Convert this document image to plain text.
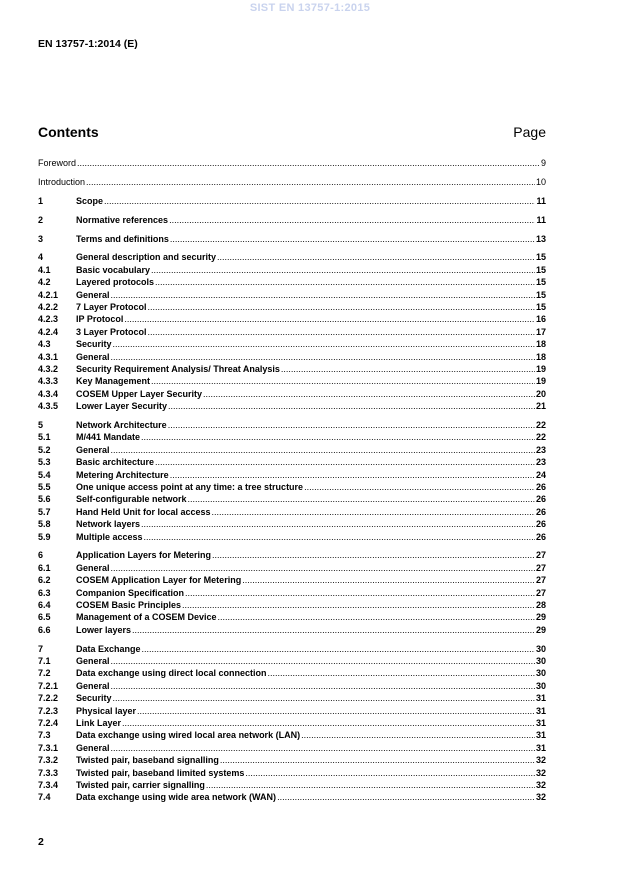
SIST EN 13757-1:2015
EN 13757-1:2014 (E)
Contents	Page
Foreword .....	9
Introduction .....	10
1	Scope .....	11
2	Normative references .....	11
3	Terms and definitions .....	13
4	General description and security .....	15
4.1	Basic vocabulary .....	15
4.2	Layered protocols .....	15
4.2.1	General .....	15
4.2.2	7 Layer Protocol .....	15
4.2.3	IP Protocol .....	16
4.2.4	3 Layer Protocol .....	17
4.3	Security .....	18
4.3.1	General .....	18
4.3.2	Security Requirement Analysis/ Threat Analysis .....	19
4.3.3	Key Management .....	19
4.3.4	COSEM Upper Layer Security .....	20
4.3.5	Lower Layer Security .....	21
5	Network Architecture .....	22
5.1	M/441 Mandate .....	22
5.2	General .....	23
5.3	Basic architecture .....	23
5.4	Metering Architecture .....	24
5.5	One unique access point at any time: a tree structure .....	26
5.6	Self-configurable network .....	26
5.7	Hand Held Unit for local access .....	26
5.8	Network layers .....	26
5.9	Multiple access .....	26
6	Application Layers for Metering .....	27
6.1	General .....	27
6.2	COSEM Application Layer for Metering .....	27
6.3	Companion Specification .....	27
6.4	COSEM Basic Principles .....	28
6.5	Management of a COSEM Device .....	29
6.6	Lower layers .....	29
7	Data Exchange .....	30
7.1	General .....	30
7.2	Data exchange using direct local connection .....	30
7.2.1	General .....	30
7.2.2	Security .....	31
7.2.3	Physical layer .....	31
7.2.4	Link Layer .....	31
7.3	Data exchange using wired local area network (LAN) .....	31
7.3.1	General .....	31
7.3.2	Twisted pair, baseband signalling .....	32
7.3.3	Twisted pair, baseband limited systems .....	32
7.3.4	Twisted pair, carrier signalling .....	32
7.4	Data exchange using wide area network (WAN) .....	32
2
